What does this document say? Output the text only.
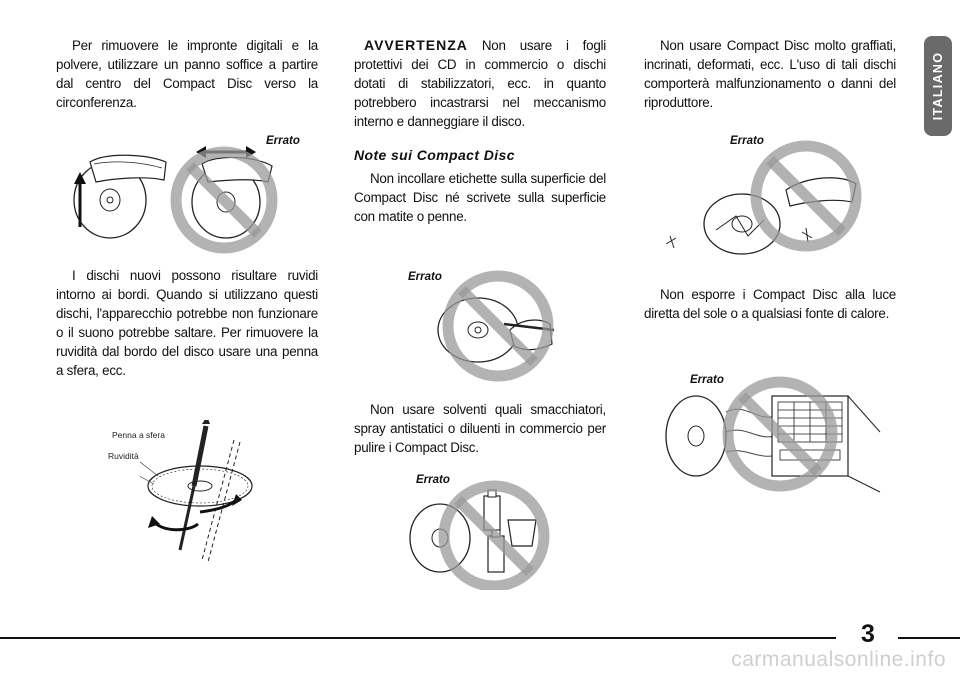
Per rimuovere le impronte digitali e la polvere, utilizzare un panno soffice a partire dal centro del Compact Disc verso la circonferenza.

Errato

I dischi nuovi possono risultare ruvidi intorno ai bordi. Quando si utilizzano questi dischi, l'apparecchio potrebbe non funzionare o il suono potrebbe saltare. Per rimuovere la ruvidità dal bordo del disco usare una penna a sfera, ecc.

Penna a sfera
Ruvidità

AVVERTENZA Non usare i fogli protettivi dei CD in commercio o dischi dotati di stabilizzatori, ecc. in quanto potrebbero incastrarsi nel meccanismo interno e danneggiare il disco.

Note sui Compact Disc

Non incollare etichette sulla superficie del Compact Disc né scrivete sulla superficie con matite o penne.

Errato

Non usare solventi quali smacchiatori, spray antistatici o diluenti in commercio per pulire i Compact Disc.

Errato

Non usare Compact Disc molto graffiati, incrinati, deformati, ecc. L'uso di tali dischi comporterà malfunzionamento o danni del riproduttore.

Errato

Non esporre i Compact Disc alla luce diretta del sole o a qualsiasi fonte di calore.

Errato
ITALIANO
3
carmanualsonline.info
